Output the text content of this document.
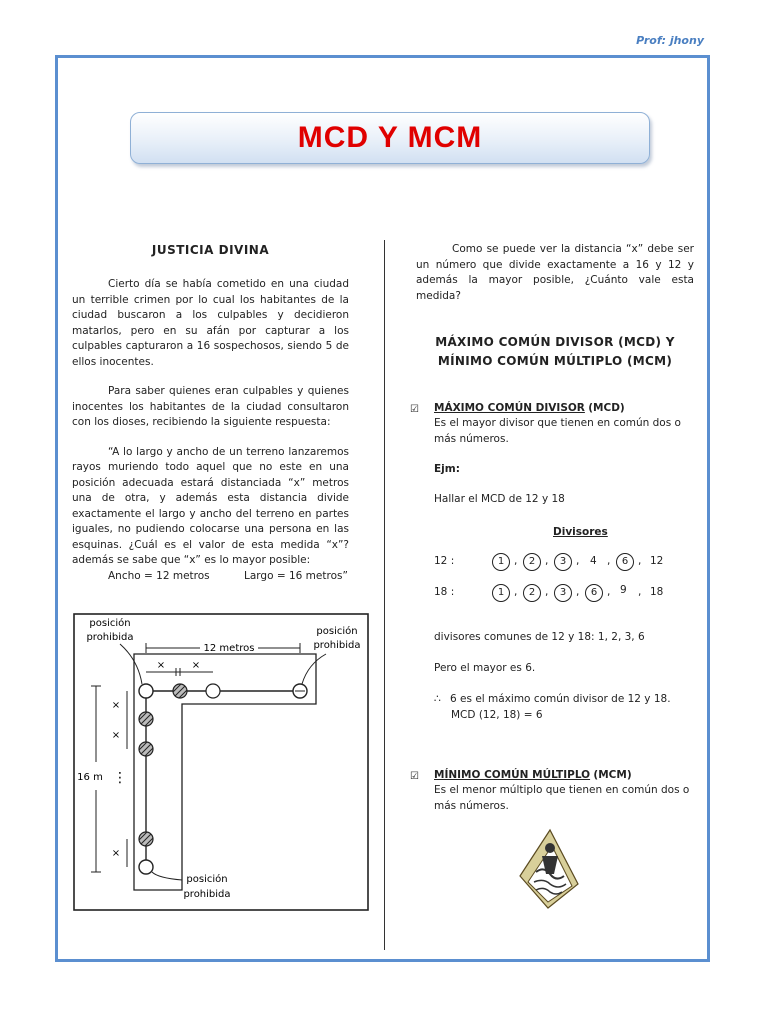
Prof: jhony
MCD Y MCM
JUSTICIA DIVINA

Cierto día se había cometido en una ciudad un terrible crimen por lo cual los habitantes de la ciudad buscaron a los culpables y decidieron matarlos, pero en su afán por capturar a los culpables capturaron a 16 sospechosos, siendo 5 de ellos inocentes.

Para saber quienes eran culpables y quienes inocentes los habitantes de la ciudad consultaron con los dioses, recibiendo la siguiente respuesta:

“A lo largo y ancho de un terreno lanzaremos rayos muriendo todo aquel que no este en una posición adecuada estará distanciada “x” metros una de otra, y además esta distancia divide exactamente el largo y ancho del terreno en partes iguales, no pudiendo colocarse una persona en las esquinas. ¿Cuál es el valor de esta medida “x”? además se sabe que “x” es lo mayor posible:

Ancho = 12 metros	Largo = 16 metros”
12 metros
×	×
×
×
⋮
×
16 m
posición
prohibida
posición
prohibida
posición
prohibida

Como se puede ver la distancia “x” debe ser un número que divide exactamente a 16 y 12 y además la mayor posible, ¿Cuánto vale esta medida?

MÁXIMO COMÚN DIVISOR (MCD) Y
MÍNIMO COMÚN MÚLTIPLO (MCM)
☑ MÁXIMO COMÚN DIVISOR (MCD)
Es el mayor divisor que tienen en común dos o más números.
Ejm:
Hallar el MCD de 12 y 18
Divisores
12 :	1 ,	2 ,	3 , 4 ,	6 , 12
18 :	1 ,	2 ,	3 ,	6 , 9 , 18
divisores comunes de 12 y 18: 1, 2, 3, 6
Pero el mayor es 6.
∴ 6 es el máximo común divisor de 12 y 18.
MCD (12, 18) = 6
☑ MÍNIMO COMÚN MÚLTIPLO (MCM)
Es el menor múltiplo que tienen en común dos o más números.
